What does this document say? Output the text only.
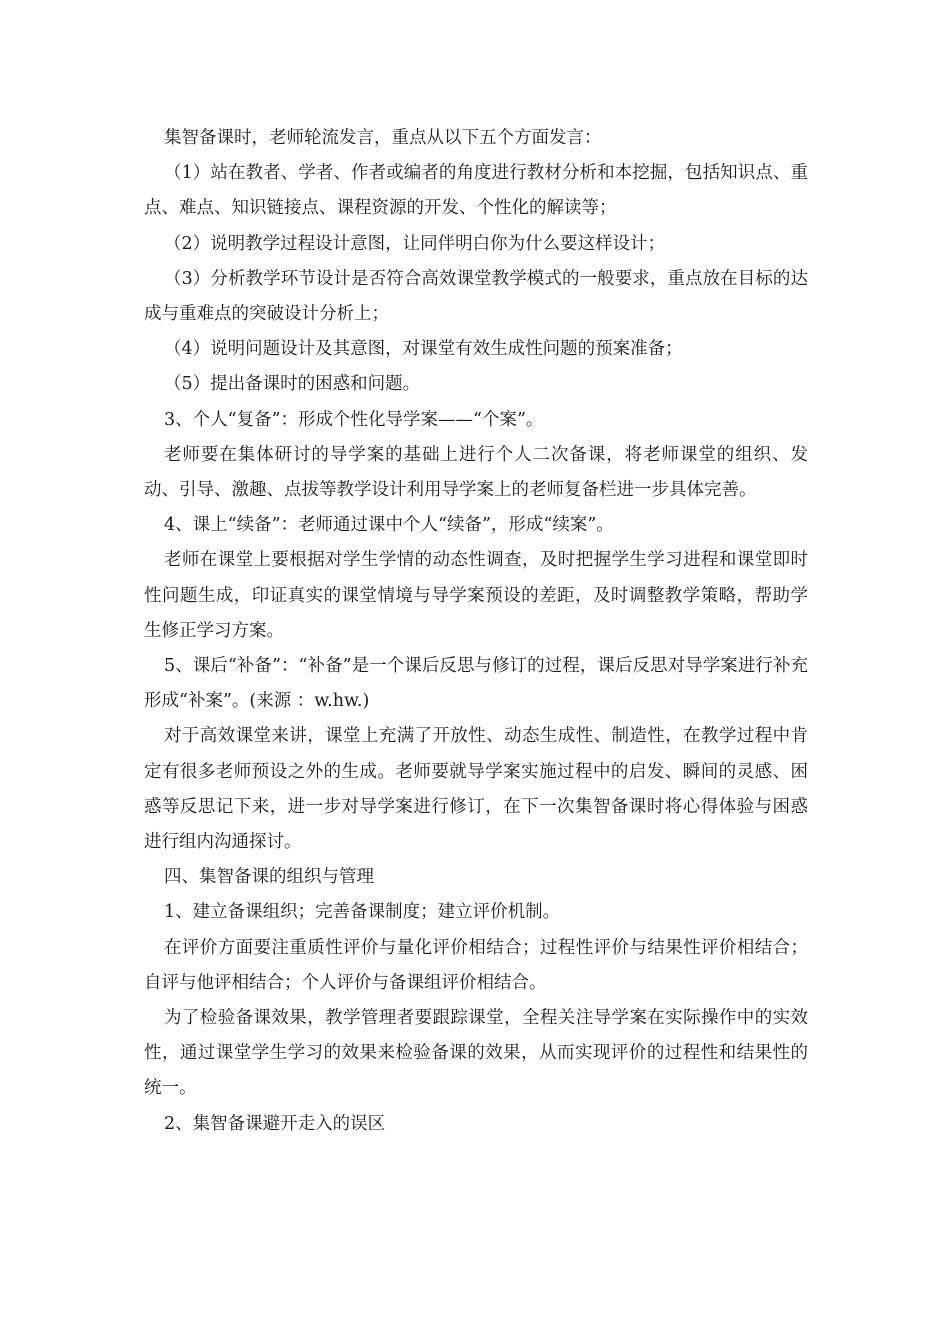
集智备课时，老师轮流发言，重点从以下五个方面发言：

（1）站在教者、学者、作者或编者的角度进行教材分析和本挖掘，包括知识点、重点、难点、知识链接点、课程资源的开发、个性化的解读等；

（2）说明教学过程设计意图，让同伴明白你为什么要这样设计；

（3）分析教学环节设计是否符合高效课堂教学模式的一般要求，重点放在目标的达成与重难点的突破设计分析上；

（4）说明问题设计及其意图，对课堂有效生成性问题的预案准备；

（5）提出备课时的困惑和问题。

3、个人“复备”：形成个性化导学案——“个案”。

老师要在集体研讨的导学案的基础上进行个人二次备课，将老师课堂的组织、发动、引导、激趣、点拔等教学设计利用导学案上的老师复备栏进一步具体完善。

4、课上“续备”：老师通过课中个人“续备”，形成“续案”。

老师在课堂上要根据对学生学情的动态性调查，及时把握学生学习进程和课堂即时性问题生成，印证真实的课堂情境与导学案预设的差距，及时调整教学策略，帮助学生修正学习方案。

5、课后“补备”：“补备”是一个课后反思与修订的过程，课后反思对导学案进行补充形成“补案”。(来源 ：w.hw.)

对于高效课堂来讲，课堂上充满了开放性、动态生成性、制造性，在教学过程中肯定有很多老师预设之外的生成。老师要就导学案实施过程中的启发、瞬间的灵感、困惑等反思记下来，进一步对导学案进行修订，在下一次集智备课时将心得体验与困惑进行组内沟通探讨。

四、集智备课的组织与管理

1、建立备课组织；完善备课制度；建立评价机制。

在评价方面要注重质性评价与量化评价相结合；过程性评价与结果性评价相结合；自评与他评相结合；个人评价与备课组评价相结合。

为了检验备课效果，教学管理者要跟踪课堂，全程关注导学案在实际操作中的实效性，通过课堂学生学习的效果来检验备课的效果，从而实现评价的过程性和结果性的统一。

2、集智备课避开走入的误区
